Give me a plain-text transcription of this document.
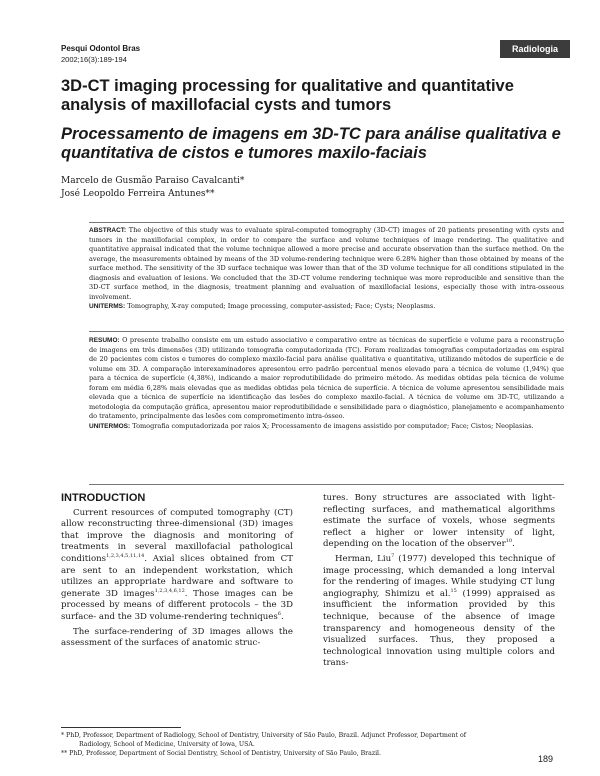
Pesqui Odontol Bras
2002;16(3):189-194
Radiologia
3D-CT imaging processing for qualitative and quantitative analysis of maxillofacial cysts and tumors
Processamento de imagens em 3D-TC para análise qualitativa e quantitativa de cistos e tumores maxilo-faciais
Marcelo de Gusmão Paraiso Cavalcanti*
José Leopoldo Ferreira Antunes**

ABSTRACT: The objective of this study was to evaluate spiral-computed tomography (3D-CT) images of 20 patients presenting with cysts and tumors in the maxillofacial complex, in order to compare the surface and volume techniques of image rendering. The qualitative and quantitative appraisal indicated that the volume technique allowed a more precise and accurate observation than the surface method. On the average, the measurements obtained by means of the 3D volume-rendering technique were 6.28% higher than those obtained by means of the surface method. The sensitivity of the 3D surface technique was lower than that of the 3D volume technique for all conditions stipulated in the diagnosis and evaluation of lesions. We concluded that the 3D-CT volume rendering technique was more reproducible and sensitive than the 3D-CT surface method, in the diagnosis, treatment planning and evaluation of maxillofacial lesions, especially those with intra-osseous involvement.

UNITERMS: Tomography, X-ray computed; Image processing, computer-assisted; Face; Cysts; Neoplasms.

RESUMO: O presente trabalho consiste em um estudo associativo e comparativo entre as técnicas de superfície e volume para a reconstrução de imagens em três dimensões (3D) utilizando tomografia computadorizada (TC). Foram realizadas tomografias computadorizadas em espiral de 20 pacientes com cistos e tumores do complexo maxilo-facial para análise qualitativa e quantitativa, utilizando métodos de superfície e de volume em 3D. A comparação interexaminadores apresentou erro padrão percentual menos elevado para a técnica de volume (1,94%) que para a técnica de superfície (4,38%), indicando a maior reprodutibilidade do primeiro método. As medidas obtidas pela técnica de volume foram em média 6,28% mais elevadas que as medidas obtidas pela técnica de superfície. A técnica de volume apresentou sensibilidade mais elevada que a técnica de superfície na identificação das lesões do complexo maxilo-facial. A técnica de volume em 3D-TC, utilizando a metodologia da computação gráfica, apresentou maior reprodutibilidade e sensibilidade para o diagnóstico, planejamento e acompanhamento do tratamento, principalmente das lesões com comprometimento intra-ósseo.

UNITERMOS: Tomografia computadorizada por raios X; Processamento de imagens assistido por computador; Face; Cistos; Neoplasias.

INTRODUCTION

Current resources of computed tomography (CT) allow reconstructing three-dimensional (3D) images that improve the diagnosis and monitoring of treatments in several maxillofacial pathological conditions$^{1,2,3,4,5,11,14}$. Axial slices obtained from CT are sent to an independent workstation, which utilizes an appropriate hardware and software to generate 3D images$^{1,2,3,4,6,12}$. Those images can be processed by means of different protocols – the 3D surface- and the 3D volume-rendering techniques$^6$.

The surface-rendering of 3D images allows the assessment of the surfaces of anatomic struc-

tures. Bony structures are associated with light-reflecting surfaces, and mathematical algorithms estimate the surface of voxels, whose segments reflect a higher or lower intensity of light, depending on the location of the observer$^{10}$.

Herman, Liu$^7$ (1977) developed this technique of image processing, which demanded a long interval for the rendering of images. While studying CT lung angiography, Shimizu et al.$^{15}$ (1999) appraised as insufficient the information provided by this technique, because of the absence of image transparency and homogeneous density of the visualized surfaces. Thus, they proposed a technological innovation using multiple colors and trans-

* PhD, Professor, Department of Radiology, School of Dentistry, University of São Paulo, Brazil. Adjunct Professor, Department of
Radiology, School of Medicine, University of Iowa, USA.
** PhD, Professor, Department of Social Dentistry, School of Dentistry, University of São Paulo, Brazil.
189
